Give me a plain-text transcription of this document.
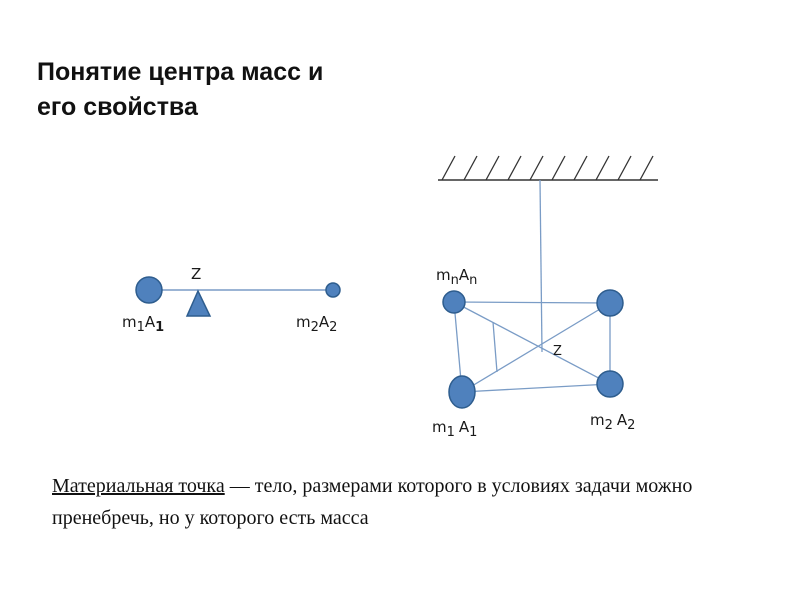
Понятие центра масс и
его свойства
Z
m1A1	m2A2
Z
mnAn
m1 A1
m2 A2
Материальная точка — тело, размерами которого в условиях задачи можно пренебречь, но у которого есть масса
